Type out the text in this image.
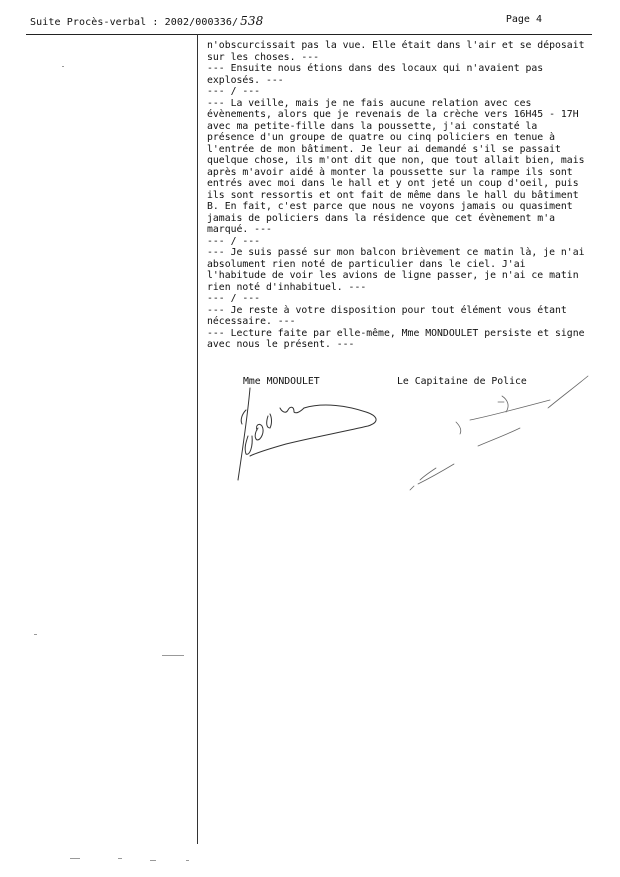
Suite Procès-verbal : 2002/000336/ 538	Page 4
n'obscurcissait pas la vue. Elle était dans l'air et se déposait
sur les choses. ---
--- Ensuite nous étions dans des locaux qui n'avaient pas
explosés. ---
--- / ---
--- La veille, mais je ne fais aucune relation avec ces
évènements, alors que je revenais de la crèche vers 16H45 - 17H
avec ma petite-fille dans la poussette, j'ai constaté la
présence d'un groupe de quatre ou cinq policiers en tenue à
l'entrée de mon bâtiment. Je leur ai demandé s'il se passait
quelque chose, ils m'ont dit que non, que tout allait bien, mais
après m'avoir aidé à monter la poussette sur la rampe ils sont
entrés avec moi dans le hall et y ont jeté un coup d'oeil, puis
ils sont ressortis et ont fait de même dans le hall du bâtiment
B. En fait, c'est parce que nous ne voyons jamais ou quasiment
jamais de policiers dans la résidence que cet évènement m'a
marqué. ---
--- / ---
--- Je suis passé sur mon balcon brièvement ce matin là, je n'ai
absolument rien noté de particulier dans le ciel. J'ai
l'habitude de voir les avions de ligne passer, je n'ai ce matin
rien noté d'inhabituel. ---
--- / ---
--- Je reste à votre disposition pour tout élément vous étant
nécessaire. ---
--- Lecture faite par elle-même, Mme MONDOULET persiste et signe
avec nous le présent. ---
Mme MONDOULET	Le Capitaine de Police
